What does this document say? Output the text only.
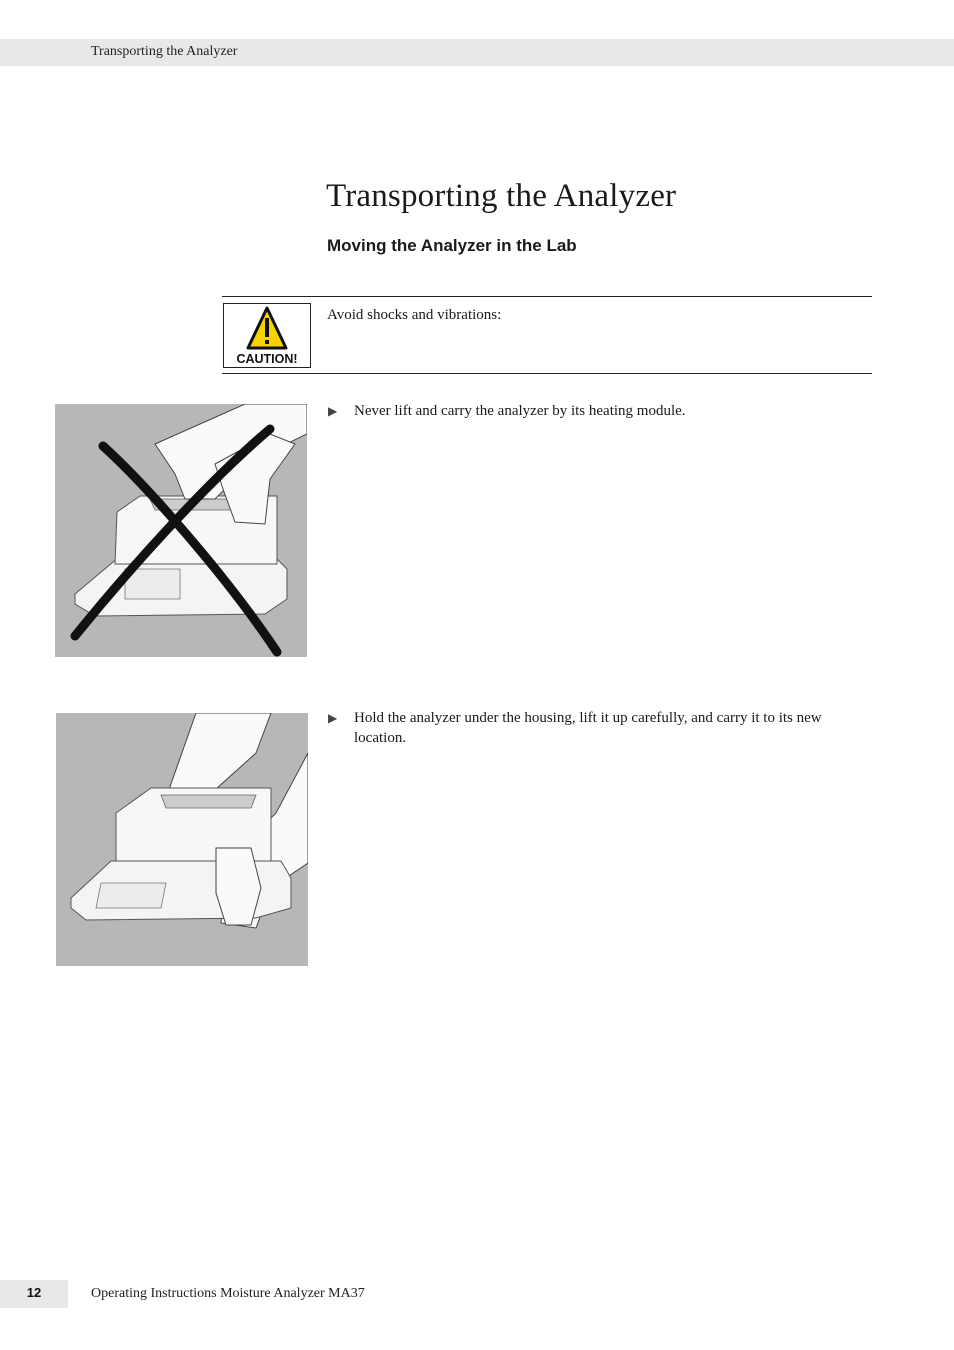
Transporting the Analyzer
Transporting the Analyzer
Moving the Analyzer in the Lab
CAUTION!
Avoid shocks and vibrations:
▶ Never lift and carry the analyzer by its heating module.
▶ Hold the analyzer under the housing, lift it up carefully, and carry it to its new location.
12	Operating Instructions Moisture Analyzer MA37
